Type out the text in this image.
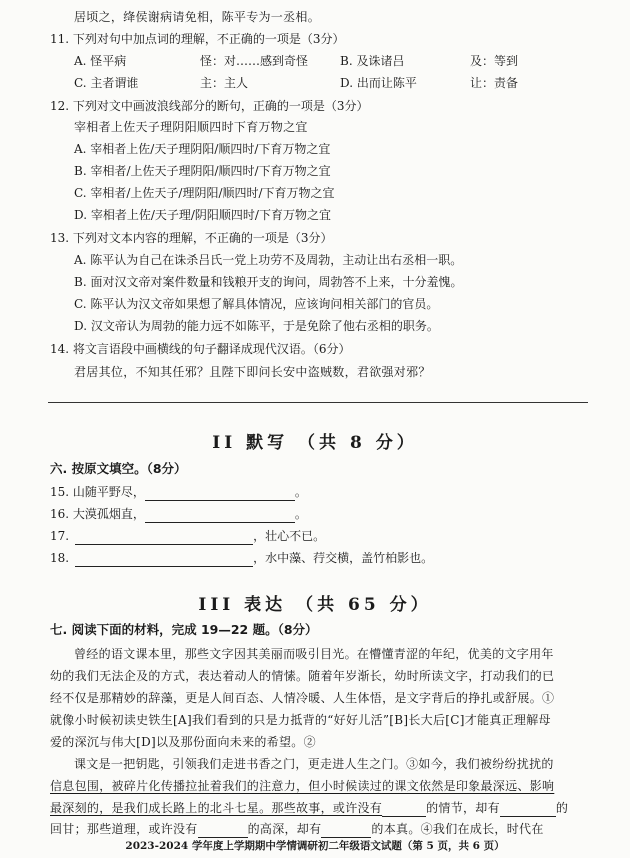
居顷之，绛侯谢病请免相，陈平专为一丞相。
11. 下列对句中加点词的理解，不正确的一项是（3分）
A. 怪平病	怪：对……感到奇怪	B. 及诛诸吕	及：等到
C. 主者谓谁	主：主人	D. 出而让陈平	让：责备
12. 下列对文中画波浪线部分的断句，正确的一项是（3分）
宰相者上佐天子理阴阳顺四时下育万物之宜
A. 宰相者上佐/天子理阴阳/顺四时/下育万物之宜
B. 宰相者/上佐天子理阴阳/顺四时/下育万物之宜
C. 宰相者/上佐天子/理阴阳/顺四时/下育万物之宜
D. 宰相者上佐/天子理/阴阳顺四时/下育万物之宜
13. 下列对文本内容的理解，不正确的一项是（3分）
A. 陈平认为自己在诛杀吕氏一党上功劳不及周勃，主动让出右丞相一职。
B. 面对汉文帝对案件数量和钱粮开支的询问，周勃答不上来，十分羞愧。
C. 陈平认为汉文帝如果想了解具体情况，应该询问相关部门的官员。
D. 汉文帝认为周勃的能力远不如陈平，于是免除了他右丞相的职务。
14. 将文言语段中画横线的句子翻译成现代汉语。（6分）
君居其位，不知其任邪？且陛下即问长安中盗贼数，君欲强对邪？
II 默写 （共 8 分）
六. 按原文填空。（8分）
15. 山随平野尽，	。
16. 大漠孤烟直，	。
17.	，壮心不已。
18.	，水中藻、荇交横，盖竹柏影也。
III 表达 （共 65 分）
七. 阅读下面的材料，完成 19—22 题。（8分）
曾经的语文课本里，那些文字因其美丽而吸引目光。在懵懂青涩的年纪，优美的文字用年
幼的我们无法企及的方式，表达着动人的情愫。随着年岁渐长，幼时所读文字，打动我们的已
经不仅是那精妙的辞藻，更是人间百态、人情冷暖、人生体悟，是文字背后的挣扎或舒展。①
就像小时候初读史铁生[A]我们看到的只是力抵背的“好好儿活”[B]长大后[C]才能真正理解母
爱的深沉与伟大[D]以及那份面向未来的希望。②
课文是一把钥匙，引领我们走进书香之门，更走进人生之门。③如今，我们被纷纷扰扰的
信息包围，被碎片化传播拉扯着我们的注意力，但小时候读过的课文依然是印象最深远、影响
最深刻的，是我们成长路上的北斗七星。那些故事，或许没有	的情节，却有	的
回甘；那些道理，或许没有	的高深，却有	的本真。④我们在成长，时代在
2023-2024 学年度上学期期中学情调研初二年级语文试题（第 5 页，共 6 页）
